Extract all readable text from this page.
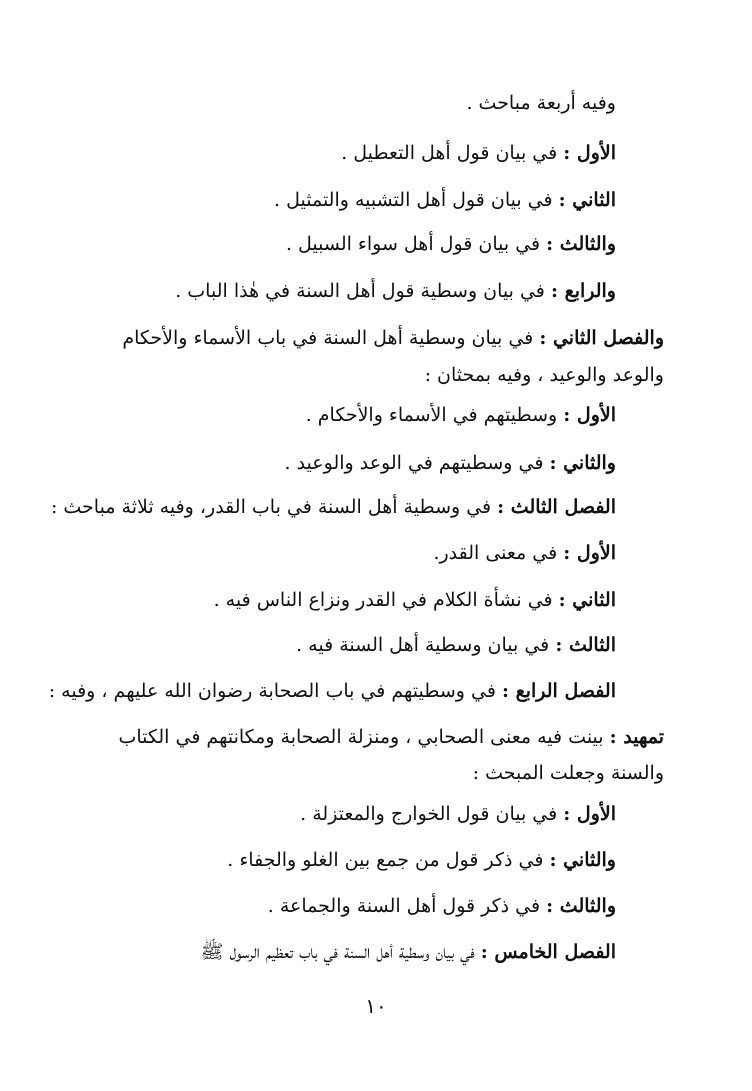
وفيه أربعة مباحث .
الأول : في بيان قول أهل التعطيل .
الثاني : في بيان قول أهل التشبيه والتمثيل .
والثالث : في بيان قول أهل سواء السبيل .
والرابع : في بيان وسطية قول أهل السنة في هٰذا الباب .
والفصل الثاني : في بيان وسطية أهل السنة في باب الأسماء والأحكام
والوعد والوعيد ، وفيه بمحثان :
الأول : وسطيتهم في الأسماء والأحكام .
والثاني : في وسطيتهم في الوعد والوعيد .
الفصل الثالث : في وسطية أهل السنة في باب القدر، وفيه ثلاثة مباحث :
الأول : في معنى القدر.
الثاني : في نشأة الكلام في القدر ونزاع الناس فيه .
الثالث : في بيان وسطية أهل السنة فيه .
الفصل الرابع : في وسطيتهم في باب الصحابة رضوان الله عليهم ، وفيه :
تمهيد : بينت فيه معنى الصحابي ، ومنزلة الصحابة ومكانتهم في الكتاب
والسنة وجعلت المبحث :
الأول : في بيان قول الخوارج والمعتزلة .
والثاني : في ذكر قول من جمع بين الغلو والجفاء .
والثالث : في ذكر قول أهل السنة والجماعة .
الفصل الخامس : في بيان وسطية أهل السنة في باب تعظيم الرسول ﷺ
١٠
